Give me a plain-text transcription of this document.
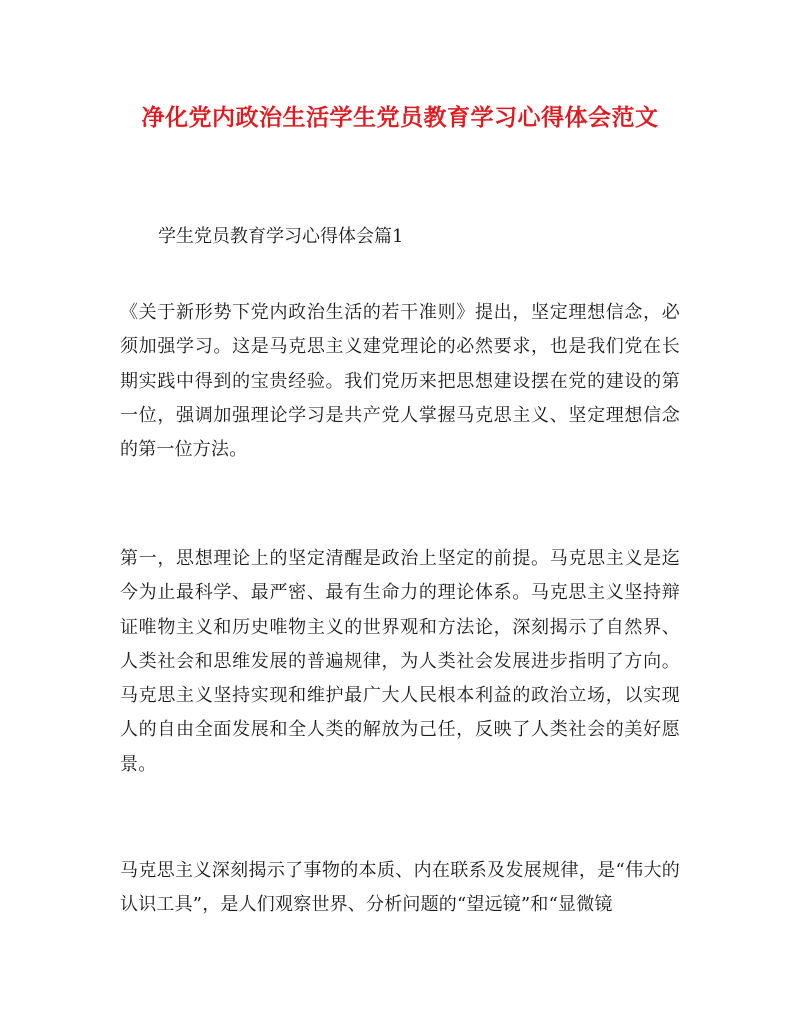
净化党内政治生活学生党员教育学习心得体会范文
学生党员教育学习心得体会篇1
《关于新形势下党内政治生活的若干准则》提出，坚定理想信念，必须加强学习。这是马克思主义建党理论的必然要求，也是我们党在长期实践中得到的宝贵经验。我们党历来把思想建设摆在党的建设的第一位，强调加强理论学习是共产党人掌握马克思主义、坚定理想信念的第一位方法。
第一，思想理论上的坚定清醒是政治上坚定的前提。马克思主义是迄今为止最科学、最严密、最有生命力的理论体系。马克思主义坚持辩证唯物主义和历史唯物主义的世界观和方法论，深刻揭示了自然界、人类社会和思维发展的普遍规律，为人类社会发展进步指明了方向。马克思主义坚持实现和维护最广大人民根本利益的政治立场，以实现人的自由全面发展和全人类的解放为己任，反映了人类社会的美好愿景。
马克思主义深刻揭示了事物的本质、内在联系及发展规律，是“伟大的认识工具”，是人们观察世界、分析问题的“望远镜”和“显微镜
